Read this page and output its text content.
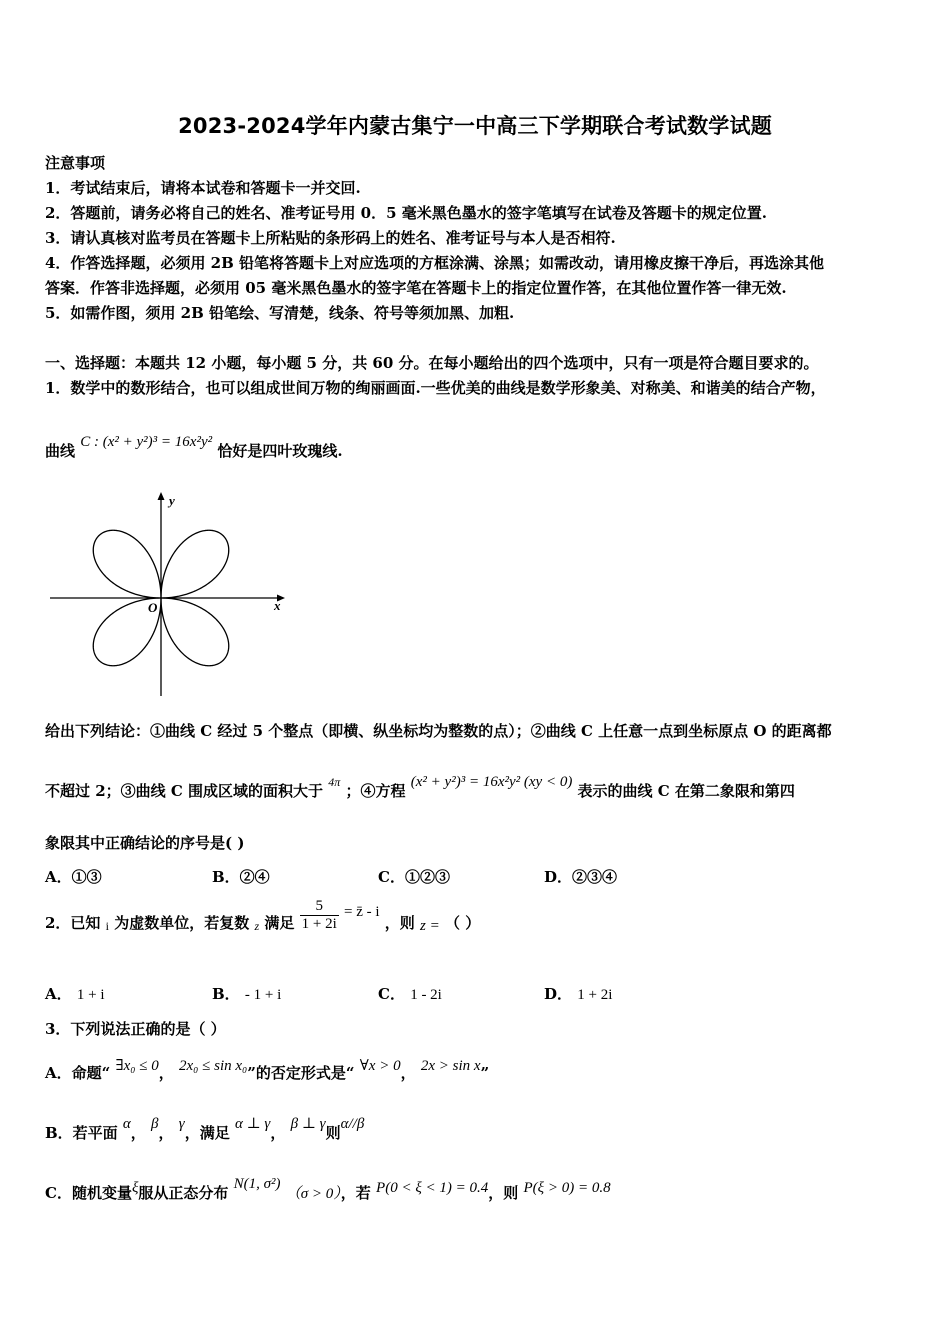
2023-2024学年内蒙古集宁一中高三下学期联合考试数学试题
注意事项
1．考试结束后，请将本试卷和答题卡一并交回.
2．答题前，请务必将自己的姓名、准考证号用 0．5 毫米黑色墨水的签字笔填写在试卷及答题卡的规定位置.
3．请认真核对监考员在答题卡上所粘贴的条形码上的姓名、准考证号与本人是否相符.
4．作答选择题，必须用 2B 铅笔将答题卡上对应选项的方框涂满、涂黑；如需改动，请用橡皮擦干净后，再选涂其他
答案．作答非选择题，必须用 05 毫米黑色墨水的签字笔在答题卡上的指定位置作答，在其他位置作答一律无效.
5．如需作图，须用 2B 铅笔绘、写清楚，线条、符号等须加黑、加粗.
一、选择题：本题共 12 小题，每小题 5 分，共 60 分。在每小题给出的四个选项中，只有一项是符合题目要求的。
1．数学中的数形结合，也可以组成世间万物的绚丽画面.一些优美的曲线是数学形象美、对称美、和谐美的结合产物，
曲线 C : (x² + y²)³ = 16x²y² 恰好是四叶玫瑰线.
x
y
O
给出下列结论：①曲线 C 经过 5 个整点（即横、纵坐标均为整数的点）；②曲线 C 上任意一点到坐标原点 O 的距离都
不超过 2；③曲线 C 围成区域的面积大于 4π ；④方程 (x² + y²)³ = 16x²y² (xy < 0) 表示的曲线 C 在第二象限和第四
象限其中正确结论的序号是( )
A．①③	B．②④	C．①②③	D．②③④
2．已知 $_i$ 为虚数单位，若复数 $_z$ 满足 $\frac{5}{1 + 2i}$ = z̄ - i ，则 z = （ ）
A． 1 + i	B． - 1 + i	C． 1 - 2i	D． 1 + 2i
3．下列说法正确的是（ ）
A．命题“ ∃x₀ ≤ 0， 2x₀ ≤ sin x₀”的否定形式是“ ∀x > 0， 2x > sin x”
B．若平面 α， β， γ，满足 α ⊥ γ， β ⊥ γ则α//β
C．随机变量ξ服从正态分布 N(1, σ²) （σ > 0），若 P(0 < ξ < 1) = 0.4，则 P(ξ > 0) = 0.8
